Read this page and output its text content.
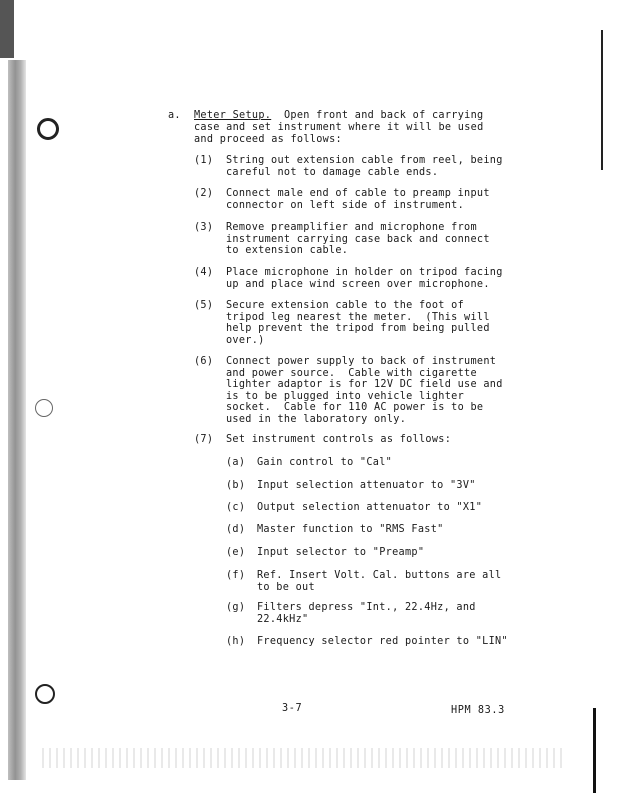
a. Meter Setup. Open front and back of carrying
case and set instrument where it will be used
and proceed as follows:
(1) String out extension cable from reel, being
careful not to damage cable ends.
(2) Connect male end of cable to preamp input
connector on left side of instrument.
(3) Remove preamplifier and microphone from
instrument carrying case back and connect
to extension cable.
(4) Place microphone in holder on tripod facing
up and place wind screen over microphone.
(5) Secure extension cable to the foot of
tripod leg nearest the meter.  (This will
help prevent the tripod from being pulled
over.)
(6) Connect power supply to back of instrument
and power source.  Cable with cigarette
lighter adaptor is for 12V DC field use and
is to be plugged into vehicle lighter
socket.  Cable for 110 AC power is to be
used in the laboratory only.
(7) Set instrument controls as follows:
(a) Gain control to "Cal"
(b) Input selection attenuator to "3V"
(c) Output selection attenuator to "X1"
(d) Master function to "RMS Fast"
(e) Input selector to "Preamp"
(f) Ref. Insert Volt. Cal. buttons are all
to be out
(g) Filters depress "Int., 22.4Hz, and
22.4kHz"
(h) Frequency selector red pointer to "LIN"
3-7	HPM 83.3
